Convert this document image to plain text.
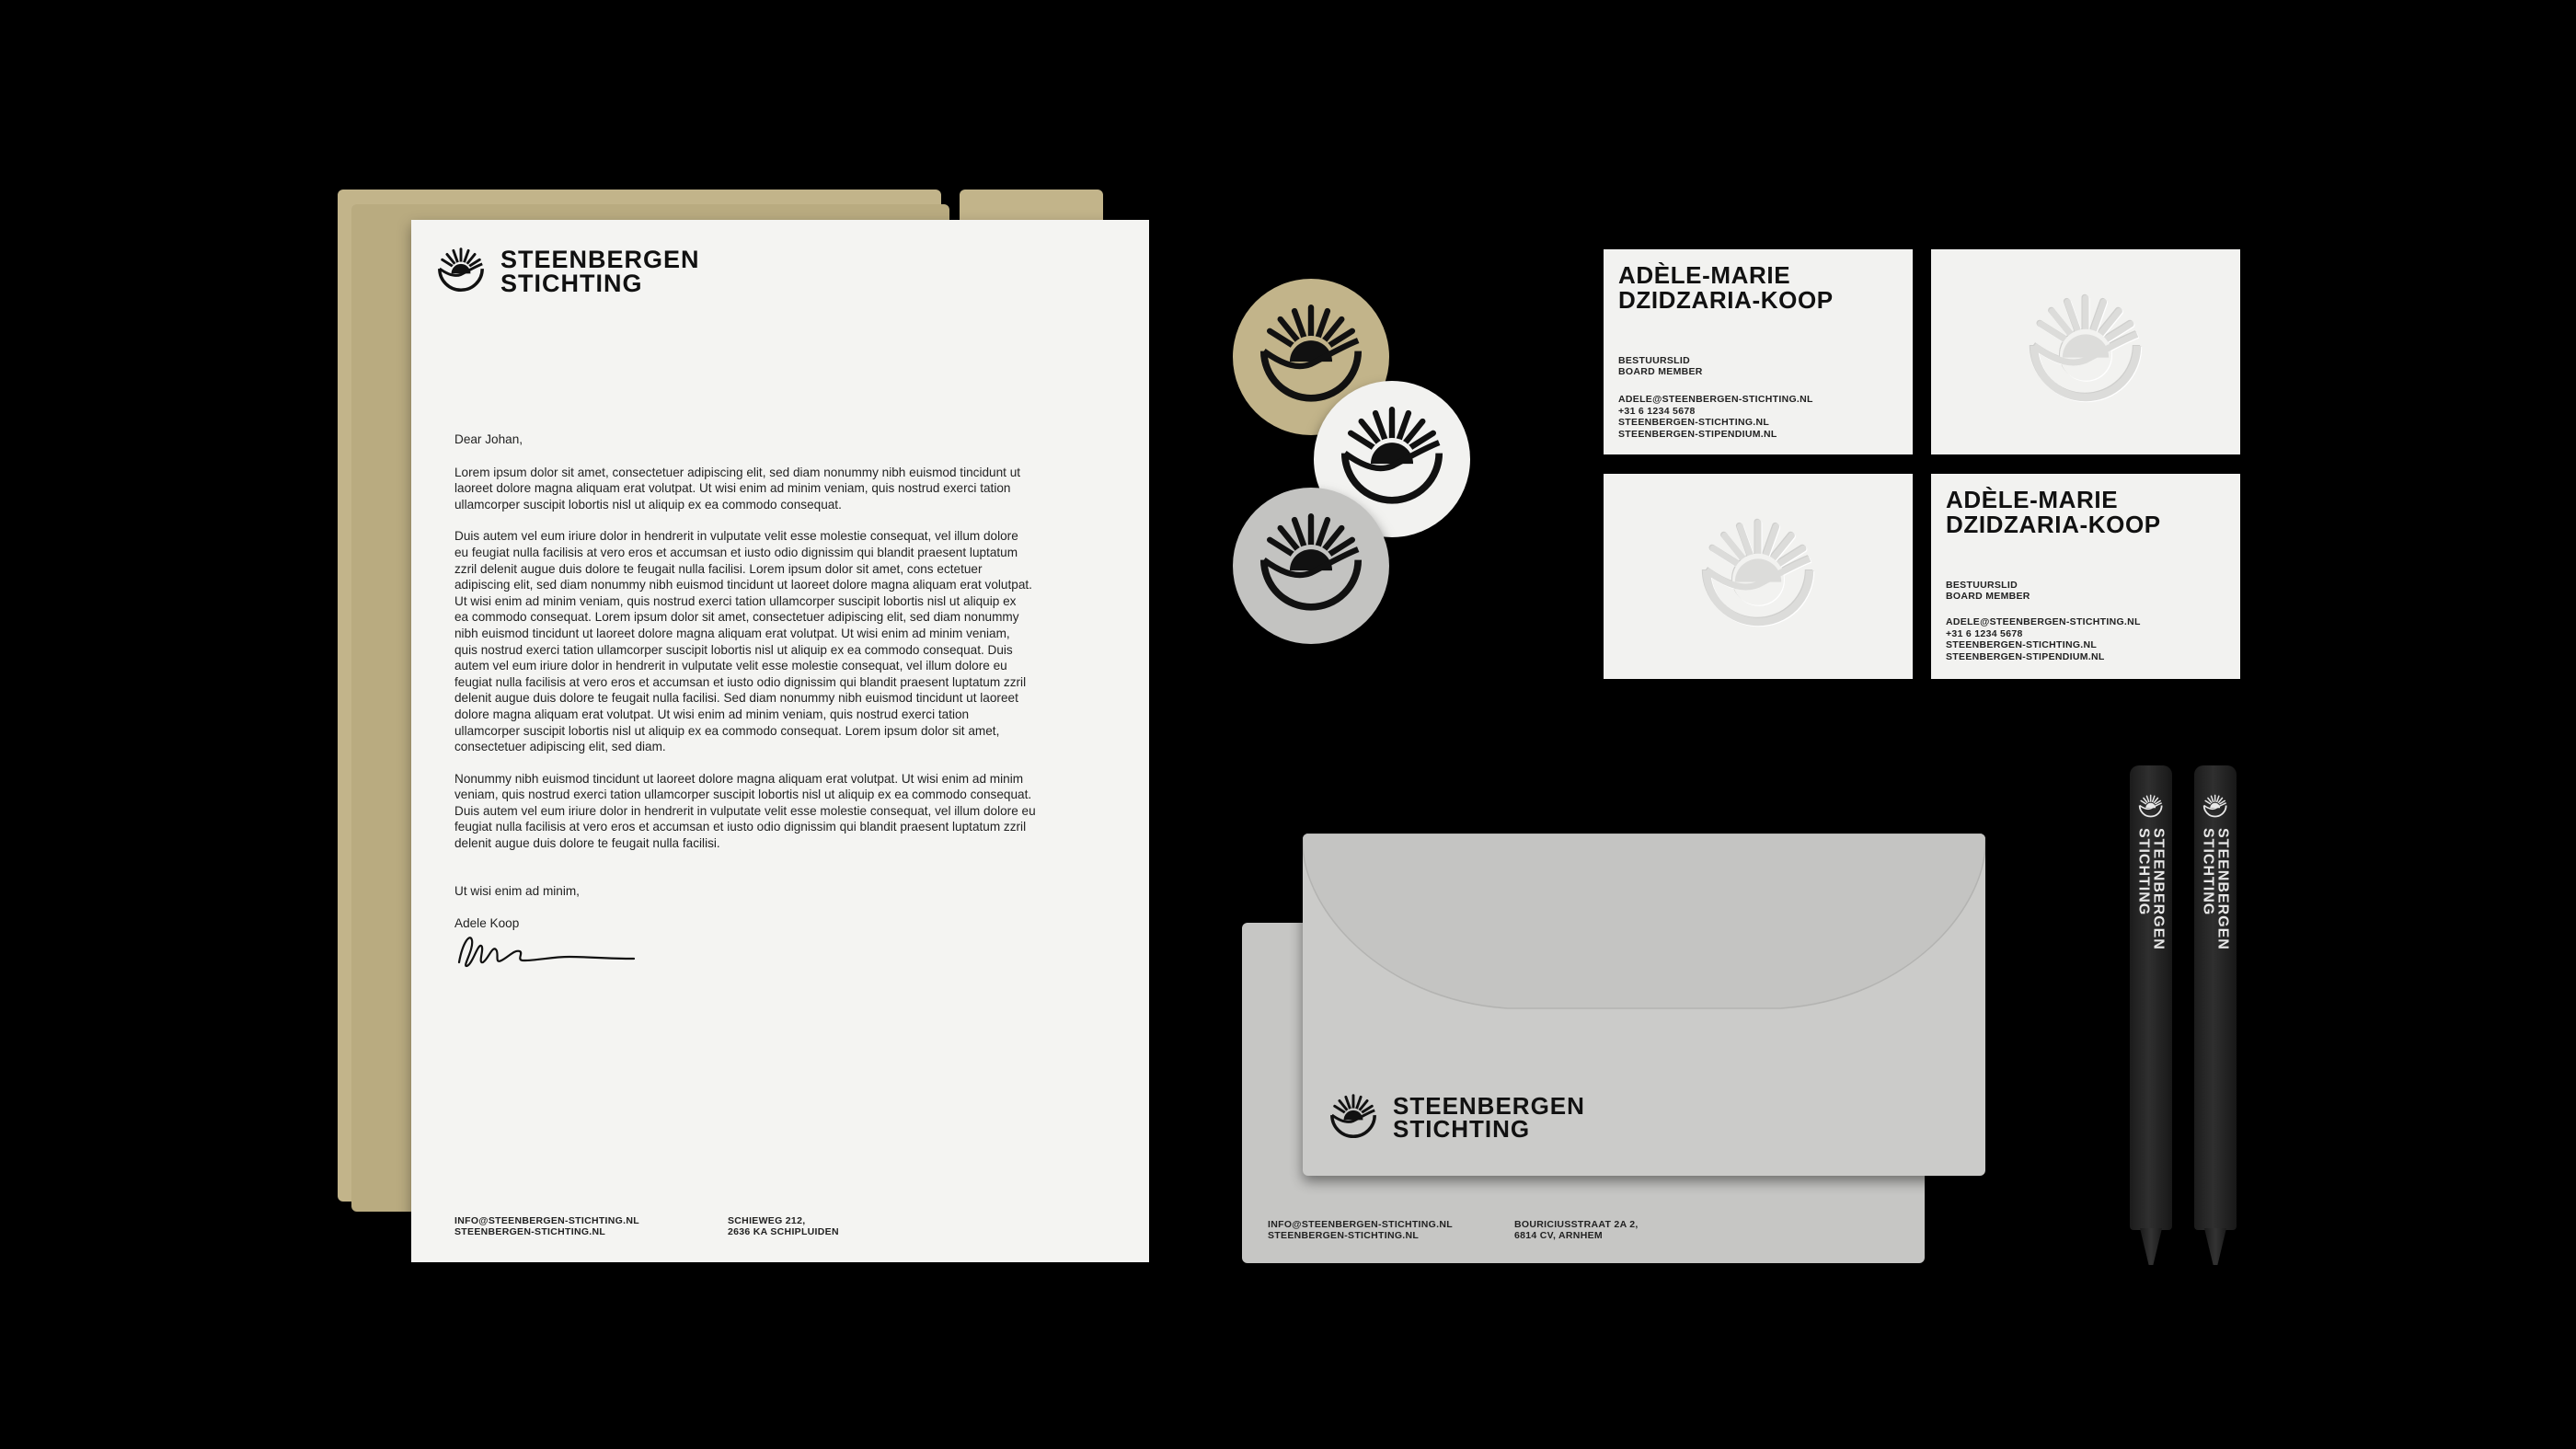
STEENBERGEN
STICHTING

Dear Johan,

Lorem ipsum dolor sit amet, consectetuer adipiscing elit, sed diam nonummy nibh euismod tincidunt ut
laoreet dolore magna aliquam erat volutpat. Ut wisi enim ad minim veniam, quis nostrud exerci tation
ullamcorper suscipit lobortis nisl ut aliquip ex ea commodo consequat.

Duis autem vel eum iriure dolor in hendrerit in vulputate velit esse molestie consequat, vel illum dolore
eu feugiat nulla facilisis at vero eros et accumsan et iusto odio dignissim qui blandit praesent luptatum
zzril delenit augue duis dolore te feugait nulla facilisi. Lorem ipsum dolor sit amet, cons ectetuer
adipiscing elit, sed diam nonummy nibh euismod tincidunt ut laoreet dolore magna aliquam erat volutpat.
Ut wisi enim ad minim veniam, quis nostrud exerci tation ullamcorper suscipit lobortis nisl ut aliquip ex
ea commodo consequat. Lorem ipsum dolor sit amet, consectetuer adipiscing elit, sed diam nonummy
nibh euismod tincidunt ut laoreet dolore magna aliquam erat volutpat. Ut wisi enim ad minim veniam,
quis nostrud exerci tation ullamcorper suscipit lobortis nisl ut aliquip ex ea commodo consequat. Duis
autem vel eum iriure dolor in hendrerit in vulputate velit esse molestie consequat, vel illum dolore eu
feugiat nulla facilisis at vero eros et accumsan et iusto odio dignissim qui blandit praesent luptatum zzril
delenit augue duis dolore te feugait nulla facilisi. Sed diam nonummy nibh euismod tincidunt ut laoreet
dolore magna aliquam erat volutpat. Ut wisi enim ad minim veniam, quis nostrud exerci tation
ullamcorper suscipit lobortis nisl ut aliquip ex ea commodo consequat. Lorem ipsum dolor sit amet,
consectetuer adipiscing elit, sed diam.

Nonummy nibh euismod tincidunt ut laoreet dolore magna aliquam erat volutpat. Ut wisi enim ad minim
veniam, quis nostrud exerci tation ullamcorper suscipit lobortis nisl ut aliquip ex ea commodo consequat.
Duis autem vel eum iriure dolor in hendrerit in vulputate velit esse molestie consequat, vel illum dolore eu
feugiat nulla facilisis at vero eros et accumsan et iusto odio dignissim qui blandit praesent luptatum zzril
delenit augue duis dolore te feugait nulla facilisi.

Ut wisi enim ad minim,

Adele Koop

INFO@STEENBERGEN-STICHTING.NL
STEENBERGEN-STICHTING.NL
SCHIEWEG 212,
2636 KA SCHIPLUIDEN
ADÈLE-MARIE
DZIDZARIA-KOOP
BESTUURSLID
BOARD MEMBER
ADELE@STEENBERGEN-STICHTING.NL
+31 6 1234 5678
STEENBERGEN-STICHTING.NL
STEENBERGEN-STIPENDIUM.NL
ADÈLE-MARIE
DZIDZARIA-KOOP
BESTUURSLID
BOARD MEMBER
ADELE@STEENBERGEN-STICHTING.NL
+31 6 1234 5678
STEENBERGEN-STICHTING.NL
STEENBERGEN-STIPENDIUM.NL
INFO@STEENBERGEN-STICHTING.NL
STEENBERGEN-STICHTING.NL
BOURICIUSSTRAAT 2A 2,
6814 CV, ARNHEM
STEENBERGEN
STICHTING
STEENBERGEN
STICHTING	STEENBERGEN
STICHTING
